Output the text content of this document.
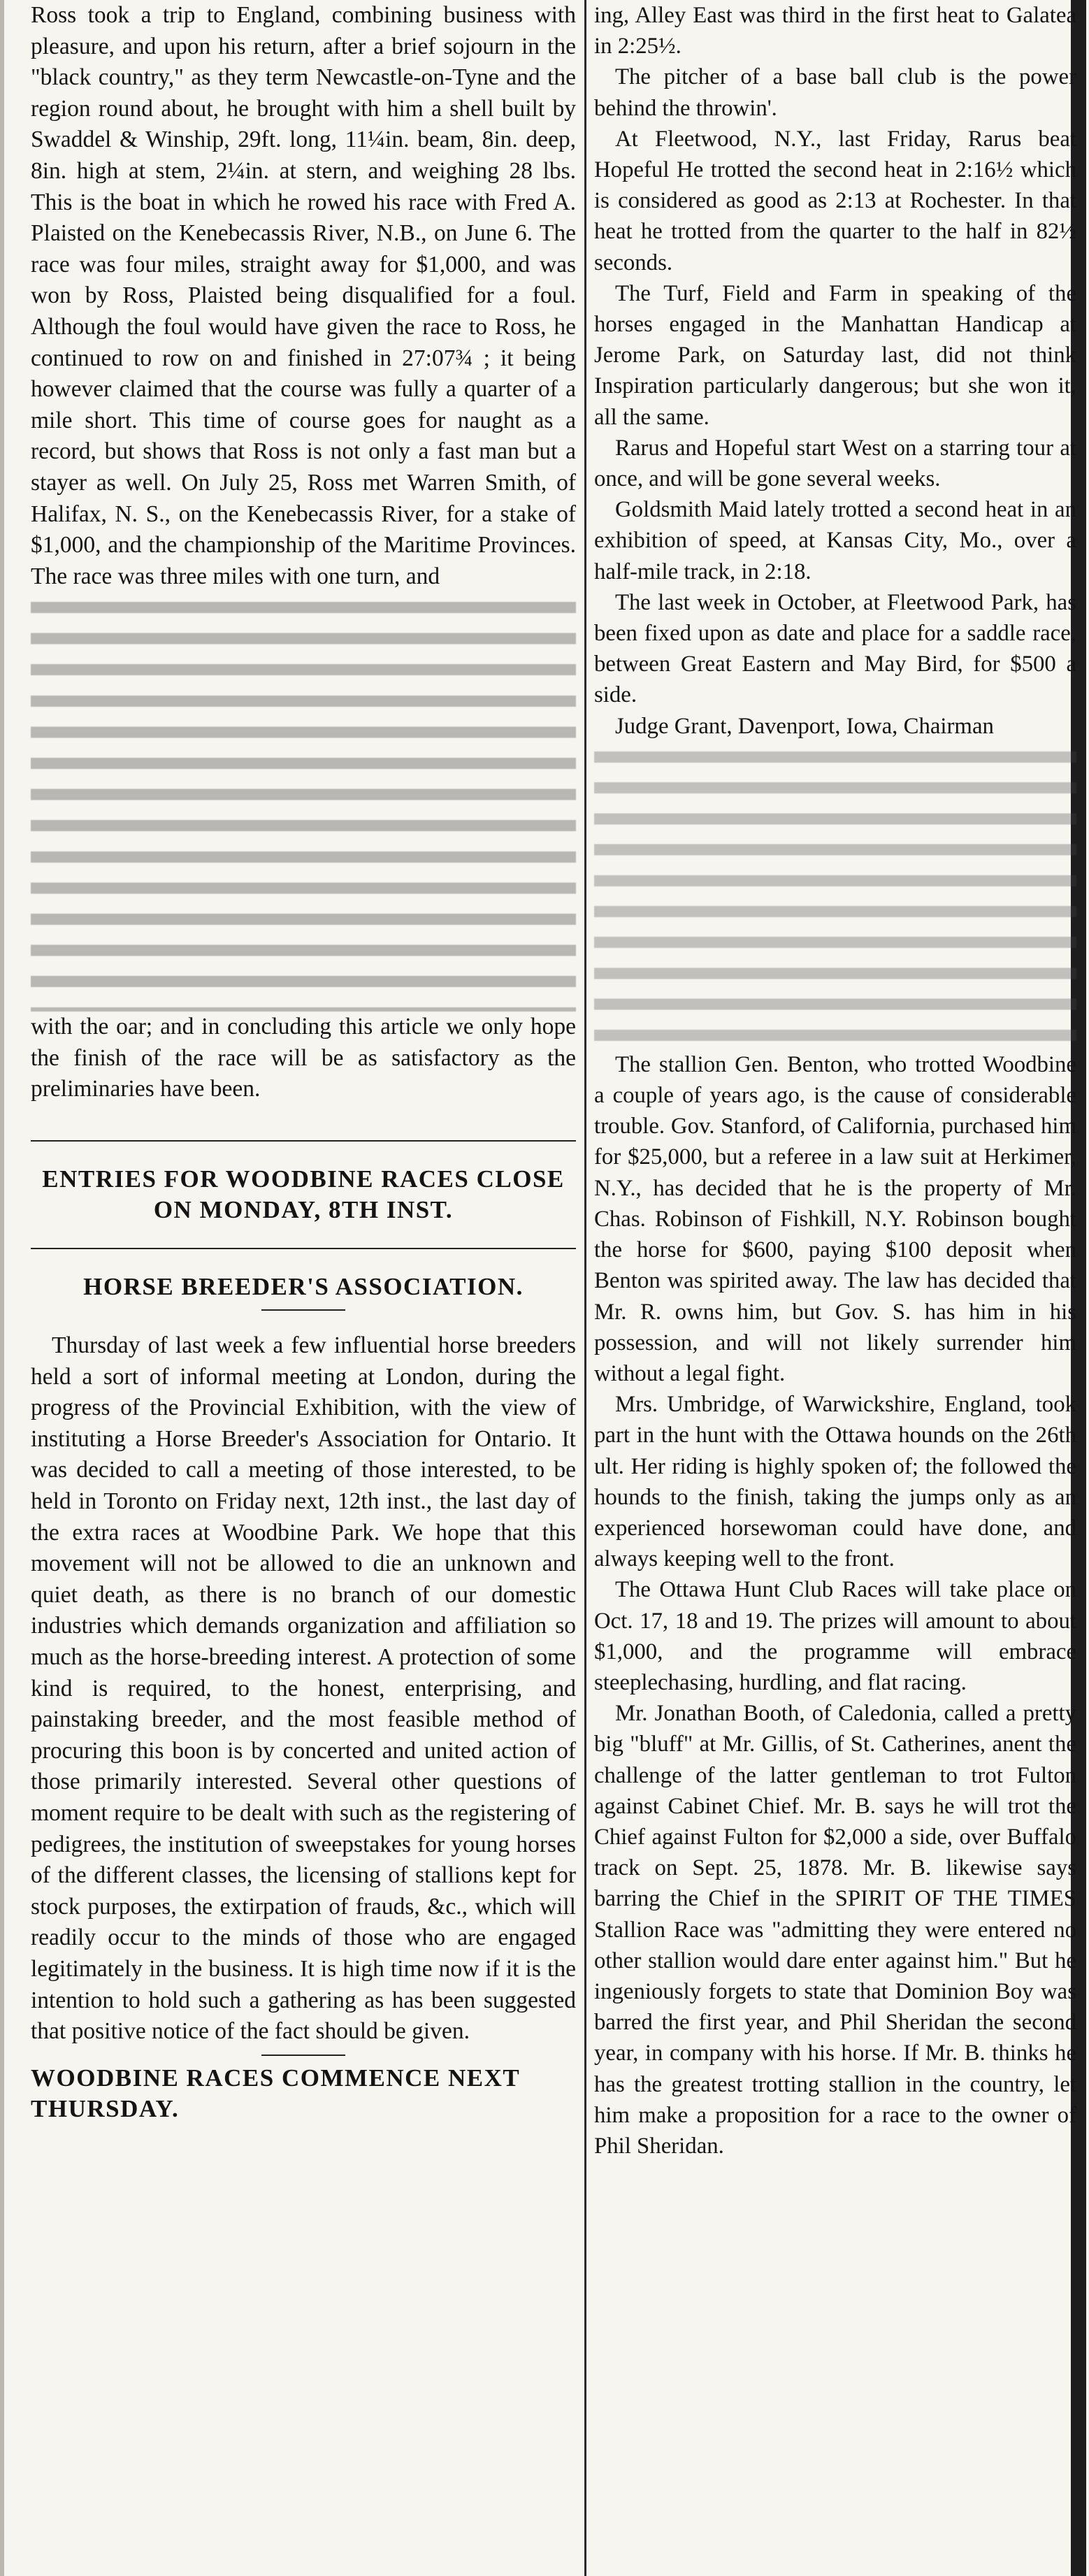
Ross took a trip to England, combining business with pleasure, and upon his return, after a brief sojourn in the "black country," as they term Newcastle-on-Tyne and the region round about, he brought with him a shell built by Swaddel & Winship, 29ft. long, 11¼in. beam, 8in. deep, 8in. high at stem, 2¼in. at stern, and weighing 28 lbs. This is the boat in which he rowed his race with Fred A. Plaisted on the Kenebecassis River, N.B., on June 6. The race was four miles, straight away for $1,000, and was won by Ross, Plaisted being disqualified for a foul. Although the foul would have given the race to Ross, he continued to row on and finished in 27:07¾ ; it being however claimed that the course was fully a quarter of a mile short. This time of course goes for naught as a record, but shows that Ross is not only a fast man but a stayer as well. On July 25, Ross met Warren Smith, of Halifax, N. S., on the Kenebecassis River, for a stake of $1,000, and the championship of the Maritime Provinces. The race was three miles with one turn, and

with the oar; and in concluding this article we only hope the finish of the race will be as satisfactory as the preliminaries have been.

ENTRIES FOR WOODBINE RACES CLOSE ON MONDAY, 8TH INST.

HORSE BREEDER'S ASSOCIATION.

Thursday of last week a few influential horse breeders held a sort of informal meeting at London, during the progress of the Provincial Exhibition, with the view of instituting a Horse Breeder's Association for Ontario. It was decided to call a meeting of those interested, to be held in Toronto on Friday next, 12th inst., the last day of the extra races at Woodbine Park. We hope that this movement will not be allowed to die an unknown and quiet death, as there is no branch of our domestic industries which demands organization and affiliation so much as the horse-breeding interest. A protection of some kind is required, to the honest, enterprising, and painstaking breeder, and the most feasible method of procuring this boon is by concerted and united action of those primarily interested. Several other questions of moment require to be dealt with such as the registering of pedigrees, the institution of sweepstakes for young horses of the different classes, the licensing of stallions kept for stock purposes, the extirpation of frauds, &c., which will readily occur to the minds of those who are engaged legitimately in the business. It is high time now if it is the intention to hold such a gathering as has been suggested that positive notice of the fact should be given.

WOODBINE RACES COMMENCE NEXT THURSDAY.

ing, Alley East was third in the first heat to Galatea in 2:25½.

The pitcher of a base ball club is the power behind the throwin'.

At Fleetwood, N.Y., last Friday, Rarus beat Hopeful He trotted the second heat in 2:16½ which is considered as good as 2:13 at Rochester. In that heat he trotted from the quarter to the half in 82½ seconds.

The Turf, Field and Farm in speaking of the horses engaged in the Manhattan Handicap at Jerome Park, on Saturday last, did not think Inspiration particularly dangerous; but she won it, all the same.

Rarus and Hopeful start West on a starring tour at once, and will be gone several weeks.

Goldsmith Maid lately trotted a second heat in an exhibition of speed, at Kansas City, Mo., over a half-mile track, in 2:18.

The last week in October, at Fleetwood Park, has been fixed upon as date and place for a saddle race, between Great Eastern and May Bird, for $500 a side.

Judge Grant, Davenport, Iowa, Chairman

The stallion Gen. Benton, who trotted Woodbine a couple of years ago, is the cause of considerable trouble. Gov. Stanford, of California, purchased him for $25,000, but a referee in a law suit at Herkimer, N.Y., has decided that he is the property of Mr. Chas. Robinson of Fishkill, N.Y. Robinson bought the horse for $600, paying $100 deposit when Benton was spirited away. The law has decided that Mr. R. owns him, but Gov. S. has him in his possession, and will not likely surrender him without a legal fight.

Mrs. Umbridge, of Warwickshire, England, took part in the hunt with the Ottawa hounds on the 26th ult. Her riding is highly spoken of; the followed the hounds to the finish, taking the jumps only as an experienced horsewoman could have done, and always keeping well to the front.

The Ottawa Hunt Club Races will take place on Oct. 17, 18 and 19. The prizes will amount to about $1,000, and the programme will embrace steeplechasing, hurdling, and flat racing.

Mr. Jonathan Booth, of Caledonia, called a pretty big "bluff" at Mr. Gillis, of St. Catherines, anent the challenge of the latter gentleman to trot Fulton against Cabinet Chief. Mr. B. says he will trot the Chief against Fulton for $2,000 a side, over Buffalo track on Sept. 25, 1878. Mr. B. likewise says barring the Chief in the SPIRIT OF THE TIMES Stallion Race was "admitting they were entered no other stallion would dare enter against him." But he ingeniously forgets to state that Dominion Boy was barred the first year, and Phil Sheridan the second year, in company with his horse. If Mr. B. thinks he has the greatest trotting stallion in the country, let him make a proposition for a race to the owner of Phil Sheridan.
